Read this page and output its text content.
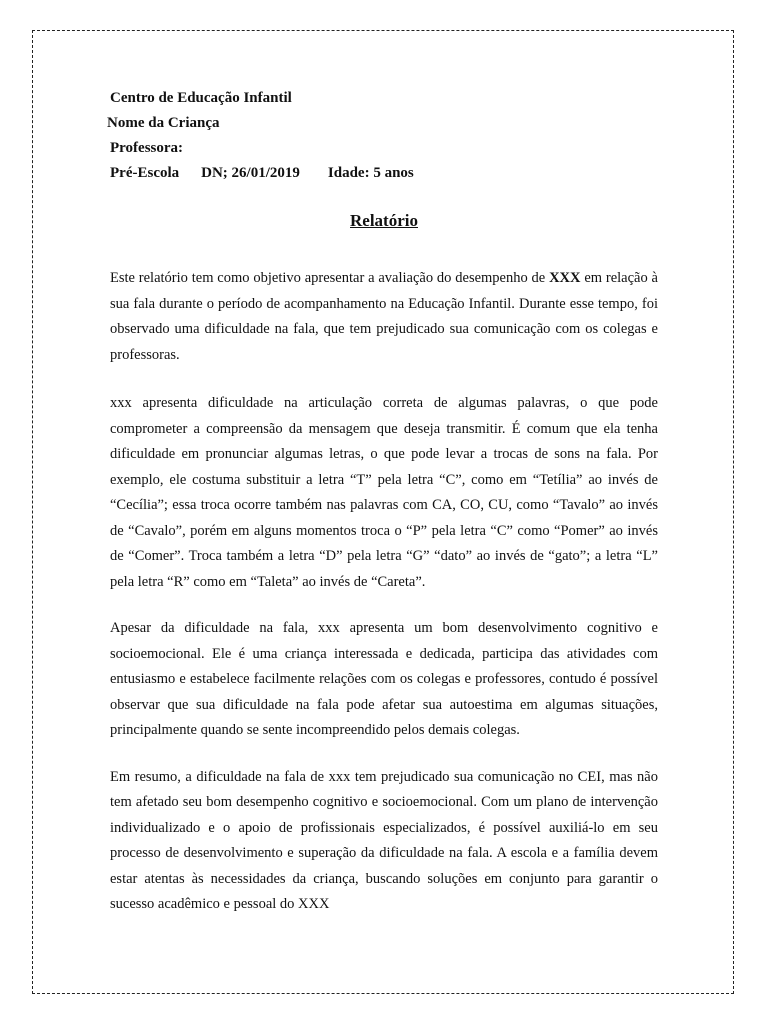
Centro de Educação Infantil
Nome da Criança
Professora:
Pré-Escola DN; 26/01/2019 Idade: 5 anos
Relatório

Este relatório tem como objetivo apresentar a avaliação do desempenho de XXX em relação à sua fala durante o período de acompanhamento na Educação Infantil. Durante esse tempo, foi observado uma dificuldade na fala, que tem prejudicado sua comunicação com os colegas e professoras.

xxx apresenta dificuldade na articulação correta de algumas palavras, o que pode comprometer a compreensão da mensagem que deseja transmitir. É comum que ela tenha dificuldade em pronunciar algumas letras, o que pode levar a trocas de sons na fala. Por exemplo, ele costuma substituir a letra “T” pela letra “C”, como em “Tetília” ao invés de “Cecília”; essa troca ocorre também nas palavras com CA, CO, CU, como “Tavalo” ao invés de “Cavalo”, porém em alguns momentos troca o “P” pela letra “C” como “Pomer” ao invés de “Comer”. Troca também a letra “D” pela letra “G” “dato” ao invés de “gato”; a letra “L” pela letra “R” como em “Taleta” ao invés de “Careta”.

Apesar da dificuldade na fala, xxx apresenta um bom desenvolvimento cognitivo e socioemocional. Ele é uma criança interessada e dedicada, participa das atividades com entusiasmo e estabelece facilmente relações com os colegas e professores, contudo é possível observar que sua dificuldade na fala pode afetar sua autoestima em algumas situações, principalmente quando se sente incompreendido pelos demais colegas.

Em resumo, a dificuldade na fala de xxx tem prejudicado sua comunicação no CEI, mas não tem afetado seu bom desempenho cognitivo e socioemocional. Com um plano de intervenção individualizado e o apoio de profissionais especializados, é possível auxiliá-lo em seu processo de desenvolvimento e superação da dificuldade na fala. A escola e a família devem estar atentas às necessidades da criança, buscando soluções em conjunto para garantir o sucesso acadêmico e pessoal do XXX
